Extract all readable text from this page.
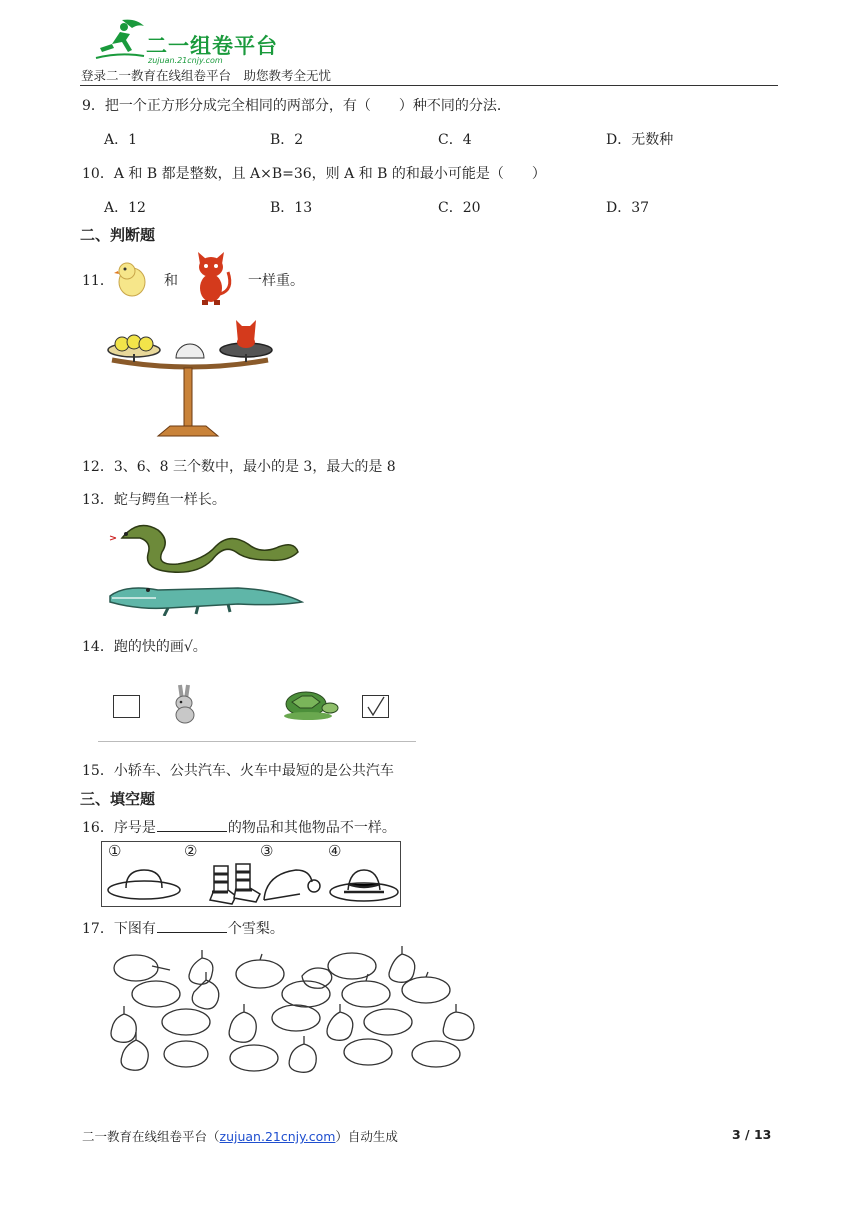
二一组卷平台
zujuan.21cnjy.com
登录二一教育在线组卷平台　助您教考全无忧
9．把一个正方形分成完全相同的两部分，有（　　）种不同的分法．
A．1	B．2	C．4	D．无数种
10．A 和 B 都是整数，且 A×B=36，则 A 和 B 的和最小可能是（　　）
A．12	B．13	C．20	D．37
二、判断题
11．	和	一样重。
12．3、6、8 三个数中，最小的是 3，最大的是 8
13．蛇与鳄鱼一样长。
14．跑的快的画√。
15．小轿车、公共汽车、火车中最短的是公共汽车
三、填空题
16．序号是	的物品和其他物品不一样。
①	②	③	④
17．下图有	个雪梨。
二一教育在线组卷平台（zujuan.21cnjy.com）自动生成	3 / 13
